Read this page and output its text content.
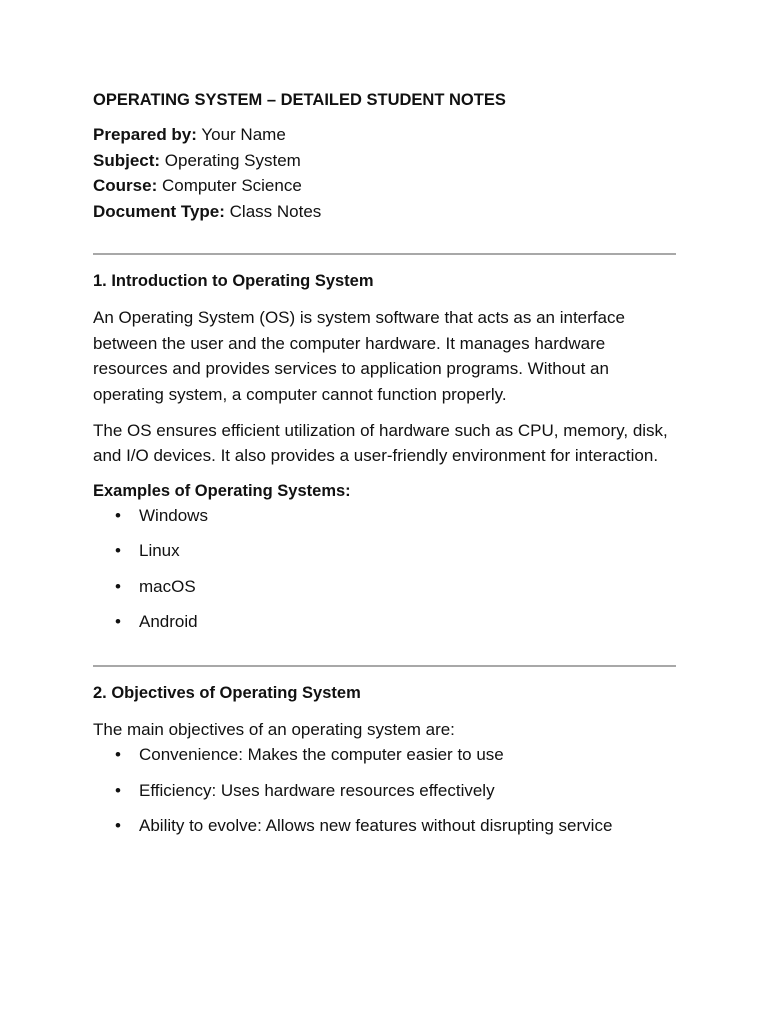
OPERATING SYSTEM – DETAILED STUDENT NOTES
Prepared by: Your Name
Subject: Operating System
Course: Computer Science
Document Type: Class Notes
1. Introduction to Operating System

An Operating System (OS) is system software that acts as an interface between the user and the computer hardware. It manages hardware resources and provides services to application programs. Without an operating system, a computer cannot function properly.

The OS ensures efficient utilization of hardware such as CPU, memory, disk, and I/O devices. It also provides a user-friendly environment for interaction.

Examples of Operating Systems:
• Windows
• Linux
• macOS
• Android
2. Objectives of Operating System

The main objectives of an operating system are:

• Convenience: Makes the computer easier to use
• Efficiency: Uses hardware resources effectively
• Ability to evolve: Allows new features without disrupting service
